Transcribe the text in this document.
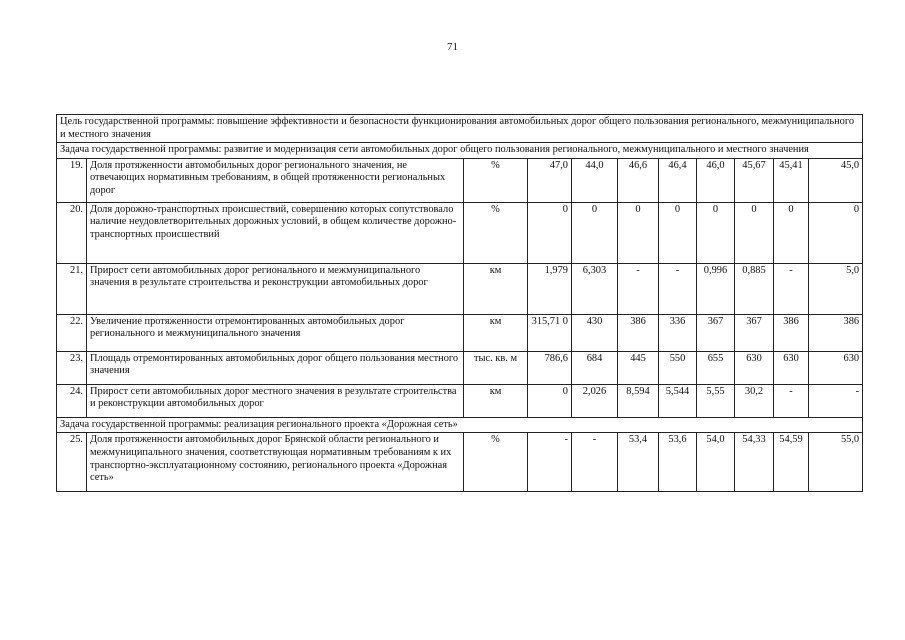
71
Цель государственной программы: повышение эффективности и безопасности функционирования автомобильных дорог общего пользования регионального, межмуниципального и местного значения										
Задача государственной программы: развитие и модернизация сети автомобильных дорог общего пользования регионального, межмуниципального и местного значения										
19.	Доля протяженности автомобильных дорог регионального значения, не отвечающих нормативным требованиям, в общей протяженности региональных дорог	%	47,0	44,0	46,6	46,4	46,0	45,67	45,41	45,0
20.	Доля дорожно-транспортных происшествий, совершению которых сопутствовало наличие неудовлетворительных дорожных условий, в общем количестве дорожно-транспортных происшествий	%	0	0	0	0	0	0	0	0
21.	Прирост сети автомобильных дорог регионального и межмуниципального значения в результате строительства и реконструкции автомобильных дорог	км	1,979	6,303	-	-	0,996	0,885	-	5,0
22.	Увеличение протяженности отремонтированных автомобильных дорог регионального и межмуниципального значения	км	315,71 0	430	386	336	367	367	386	386
23.	Площадь отремонтированных автомобильных дорог общего пользования местного значения	тыс. кв. м	786,6	684	445	550	655	630	630	630
24.	Прирост сети автомобильных дорог местного значения в результате строительства и реконструкции автомобильных дорог	км	0	2,026	8,594	5,544	5,55	30,2	-	-
Задача государственной программы: реализация регионального проекта «Дорожная сеть»										
25.	Доля протяженности автомобильных дорог Брянской области регионального и межмуниципального значения, соответствующая нормативным требованиям к их транспортно-эксплуатационному состоянию, регионального проекта «Дорожная сеть»	%	-	-	53,4	53,6	54,0	54,33	54,59	55,0
